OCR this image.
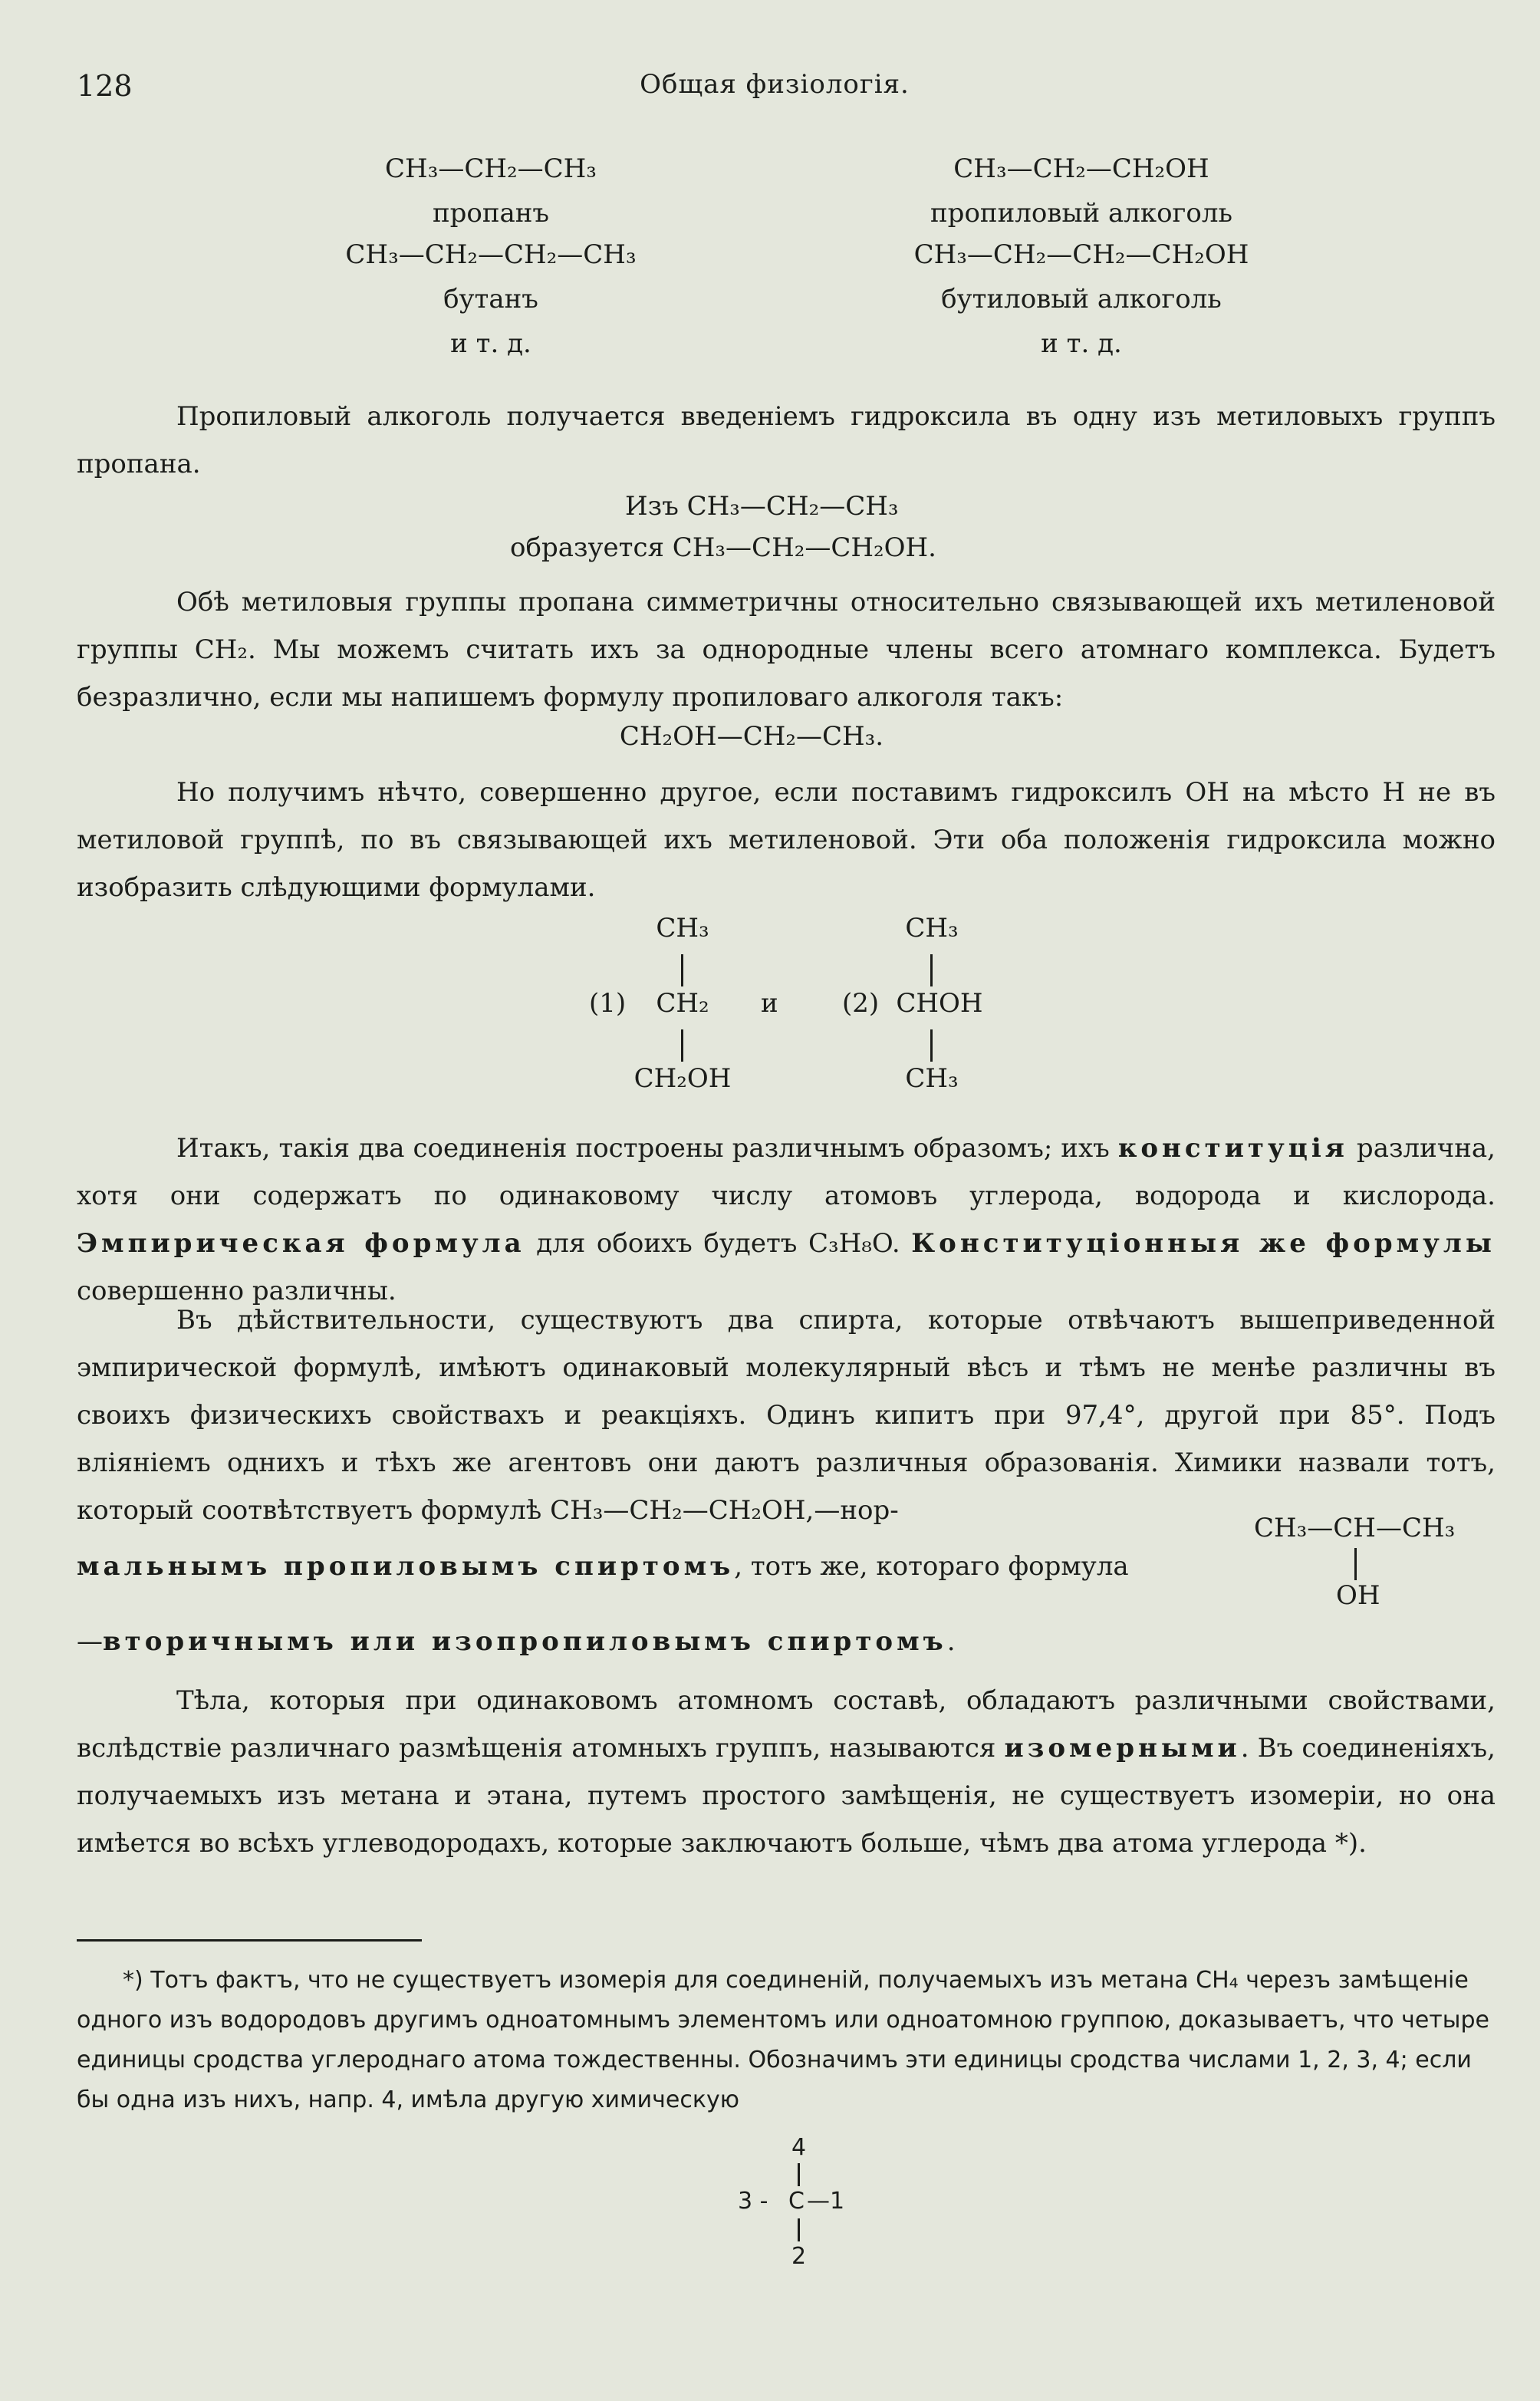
128	Общая физiологiя.
CH₃—CH₂—CH₃
пропанъ
CH₃—CH₂—CH₂—CH₃
бутанъ
и т. д.
CH₃—CH₂—CH₂OH
пропиловый алкоголь
CH₃—CH₂—CH₂—CH₂OH
бутиловый алкоголь
и т. д.
Пропиловый алкоголь получается введенiемъ гидроксила въ одну изъ метиловыхъ группъ пропана.
Изъ CH₃—CH₂—CH₃
образуется CH₃—CH₂—CH₂OH.
Обѣ метиловыя группы пропана симметричны относительно связывающей ихъ метиленовой группы CH₂. Мы можемъ считать ихъ за однородные члены всего атомнаго комплекса. Будетъ безразлично, если мы напишемъ формулу пропиловаго алкоголя такъ:
CH₂OH—CH₂—CH₃.
Но получимъ нѣчто, совершенно другое, если поставимъ гидроксилъ OH на мѣсто H не въ метиловой группѣ, по въ связывающей ихъ метиленовой. Эти оба положенiя гидроксила можно изобразить слѣдующими формулами.
CH₃
(1)	CH₂
CH₂OH
и
CH₃
(2) CHOH
CH₃
Итакъ, такiя два соединенiя построены различнымъ образомъ; ихъ конституцiя различна, хотя они содержатъ по одинаковому числу атомовъ углерода, водорода и кислорода. Эмпирическая формула для обоихъ будетъ C₃H₈O. Конституцiонныя же формулы совершенно различны.
Въ дѣйствительности, существуютъ два спирта, которые отвѣчаютъ вышеприведенной эмпирической формулѣ, имѣютъ одинаковый молекулярный вѣсъ и тѣмъ не менѣе различны въ своихъ физическихъ свойствахъ и реакцiяхъ. Одинъ кипитъ при 97,4°, другой при 85°. Подъ влiянiемъ однихъ и тѣхъ же агентовъ они даютъ различныя образованiя. Химики назвали тотъ, который соотвѣтствуетъ формулѣ CH₃—CH₂—CH₂OH,—нор-
CH₃—CH—CH₃
мальнымъ пропиловымъ спиртомъ, тотъ же, котораго формула
OH
—вторичнымъ или изопропиловымъ спиртомъ.
Тѣла, которыя при одинаковомъ атомномъ составѣ, обладаютъ различными свойствами, вслѣдствiе различнаго размѣщенiя атомныхъ группъ, называются изомерными. Въ соединенiяхъ, получаемыхъ изъ метана и этана, путемъ простого замѣщенiя, не существуетъ изомерiи, но она имѣется во всѣхъ углеводородахъ, которые заключаютъ больше, чѣмъ два атома углерода *).
*) Тотъ фактъ, что не существуетъ изомерiя для соединенiй, получаемыхъ изъ метана CH₄ черезъ замѣщенiе одного изъ водородовъ другимъ одноатомнымъ элементомъ или одноатомною группою, доказываетъ, что четыре единицы сродства углероднаго атома тождественны. Обозначимъ эти единицы сродства числами 1, 2, 3, 4; если бы одна изъ нихъ, напр. 4, имѣла другую химическую
4
3 - C —1
2
